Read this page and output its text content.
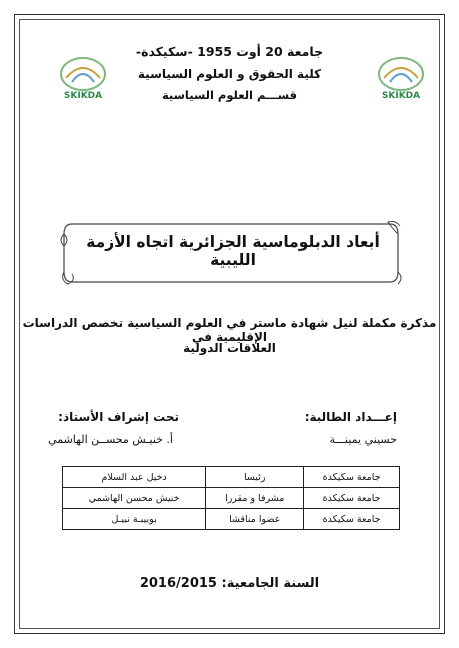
SKIKDA	SKIKDA
جامعة 20 أوت 1955 -سكيكدة-
كلية الحقوق و العلوم السياسية
قســـم العلوم السياسية
أبعاد الدبلوماسية الجزائرية اتجاه الأزمة الليبية
مذكرة مكملة لنيل شهادة ماستر في العلوم السياسية تخصص الدراسات الإقليمية في
العلاقات الدولية
إعـــداد الطالبة:
حسيني يمينـــة
تحت إشراف الأستاذ:
أ. خنيـش محســن الهاشمي
دخيل عبد السلام	رئيسا	جامعة سكيكدة
خنيش محسن الهاشمي	مشرفا و مقررا	جامعة سكيكدة
بوبيبـة نبيـل	عضوا مناقشا	جامعة سكيكدة
السنة الجامعية: 2016/2015
